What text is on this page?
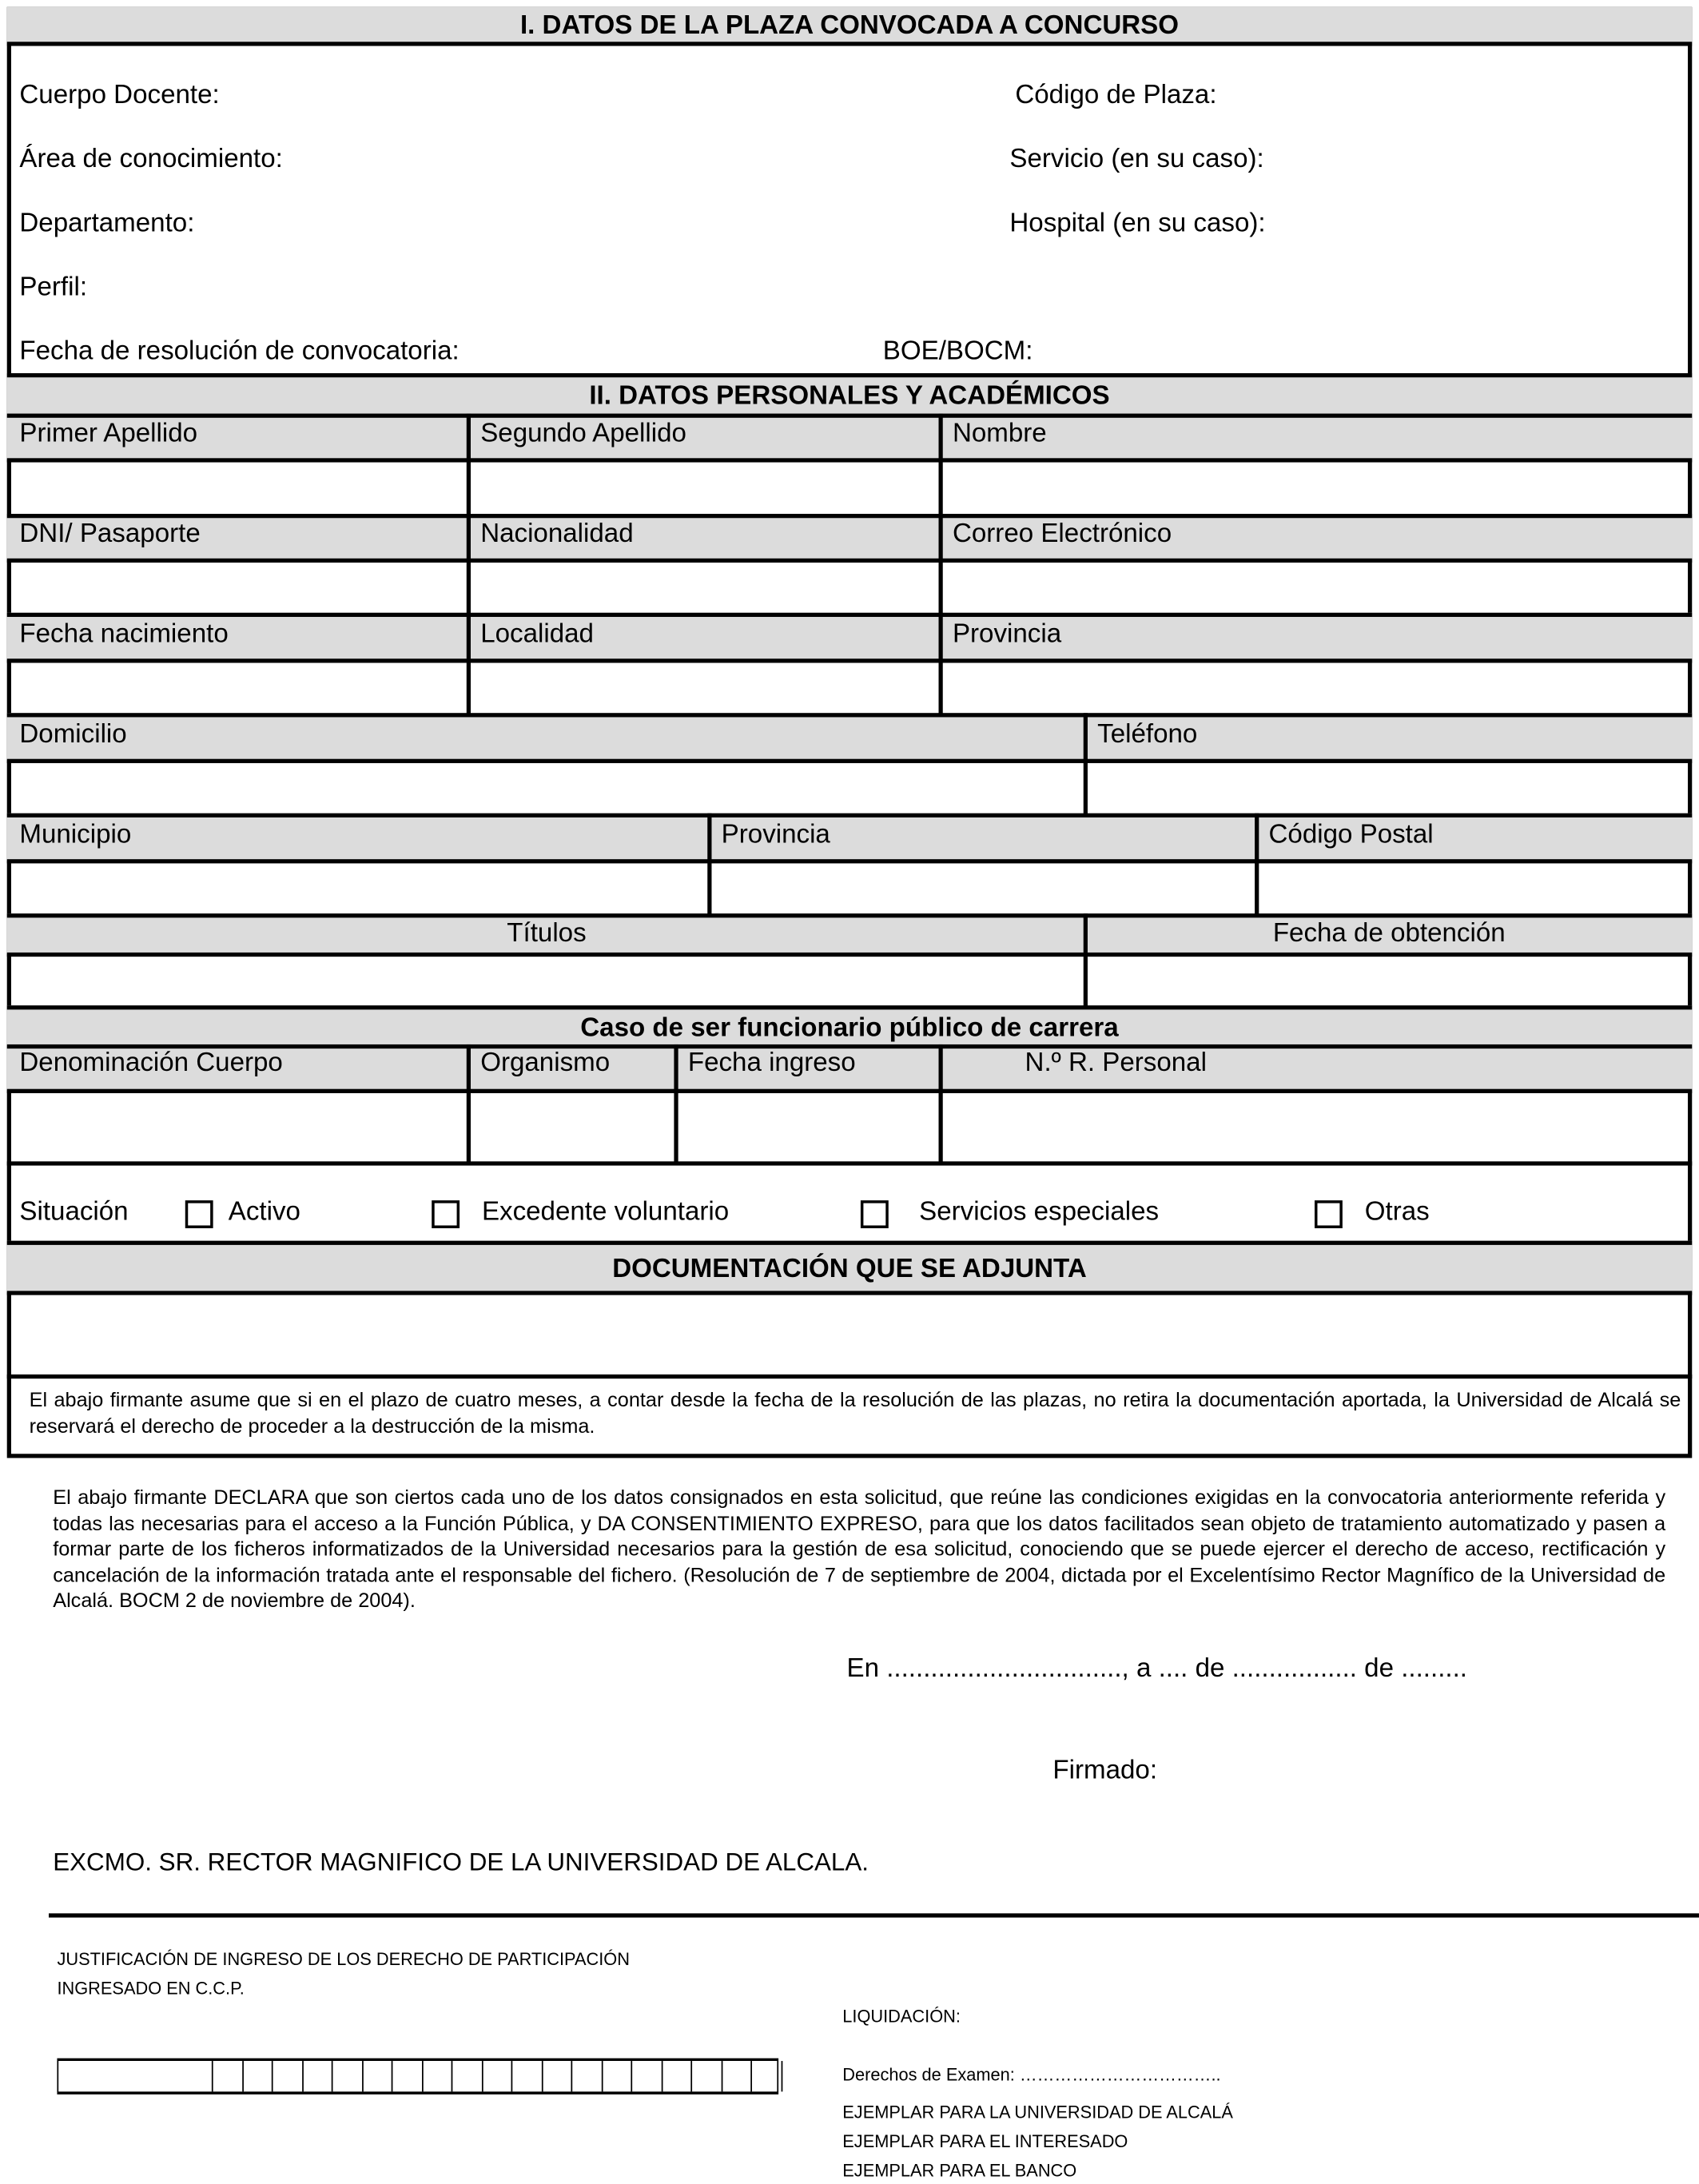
I. DATOS DE LA PLAZA CONVOCADA A CONCURSO
Cuerpo Docente:	Código de Plaza:
Área de conocimiento:	Servicio (en su caso):
Departamento:	Hospital (en su caso):
Perfil:
Fecha de resolución de convocatoria:	BOE/BOCM:
II. DATOS PERSONALES Y ACADÉMICOS
Caso de ser funcionario público de carrera
DOCUMENTACIÓN QUE SE ADJUNTA
Primer Apellido	Segundo Apellido	Nombre
DNI/ Pasaporte	Nacionalidad	Correo Electrónico
Fecha nacimiento	Localidad	Provincia
Domicilio	Teléfono
Municipio	Provincia	Código Postal
Títulos	Fecha de obtención
Denominación Cuerpo	Organismo	Fecha ingreso	N.º R. Personal
Situación	Activo	Excedente voluntario	Servicios especiales	Otras

El abajo firmante asume que si en el plazo de cuatro meses, a contar desde la fecha de la resolución de las plazas, no retira la documentación aportada, la Universidad de Alcalá se reservará el derecho de proceder a la destrucción de la misma.

El abajo firmante DECLARA que son ciertos cada uno de los datos consignados en esta solicitud, que reúne las condiciones exigidas en la convocatoria anteriormente referida y todas las necesarias para el acceso a la Función Pública, y DA CONSENTIMIENTO EXPRESO, para que los datos facilitados sean objeto de tratamiento automatizado y pasen a formar parte de los ficheros informatizados de la Universidad necesarios para la gestión de esa solicitud, conociendo que se puede ejercer el derecho de acceso, rectificación y cancelación de la información tratada ante el responsable del fichero. (Resolución de 7 de septiembre de 2004, dictada por el Excelentísimo Rector Magnífico de la Universidad de Alcalá. BOCM 2 de noviembre de 2004).

En ................................, a .... de ................. de .........
Firmado:
EXCMO. SR. RECTOR MAGNIFICO DE LA UNIVERSIDAD DE ALCALA.
JUSTIFICACIÓN DE INGRESO DE LOS DERECHO DE PARTICIPACIÓN
INGRESADO EN C.C.P.
LIQUIDACIÓN:
Derechos de Examen: ……………………………..
EJEMPLAR PARA LA UNIVERSIDAD DE ALCALÁ
EJEMPLAR PARA EL INTERESADO
EJEMPLAR PARA EL BANCO
